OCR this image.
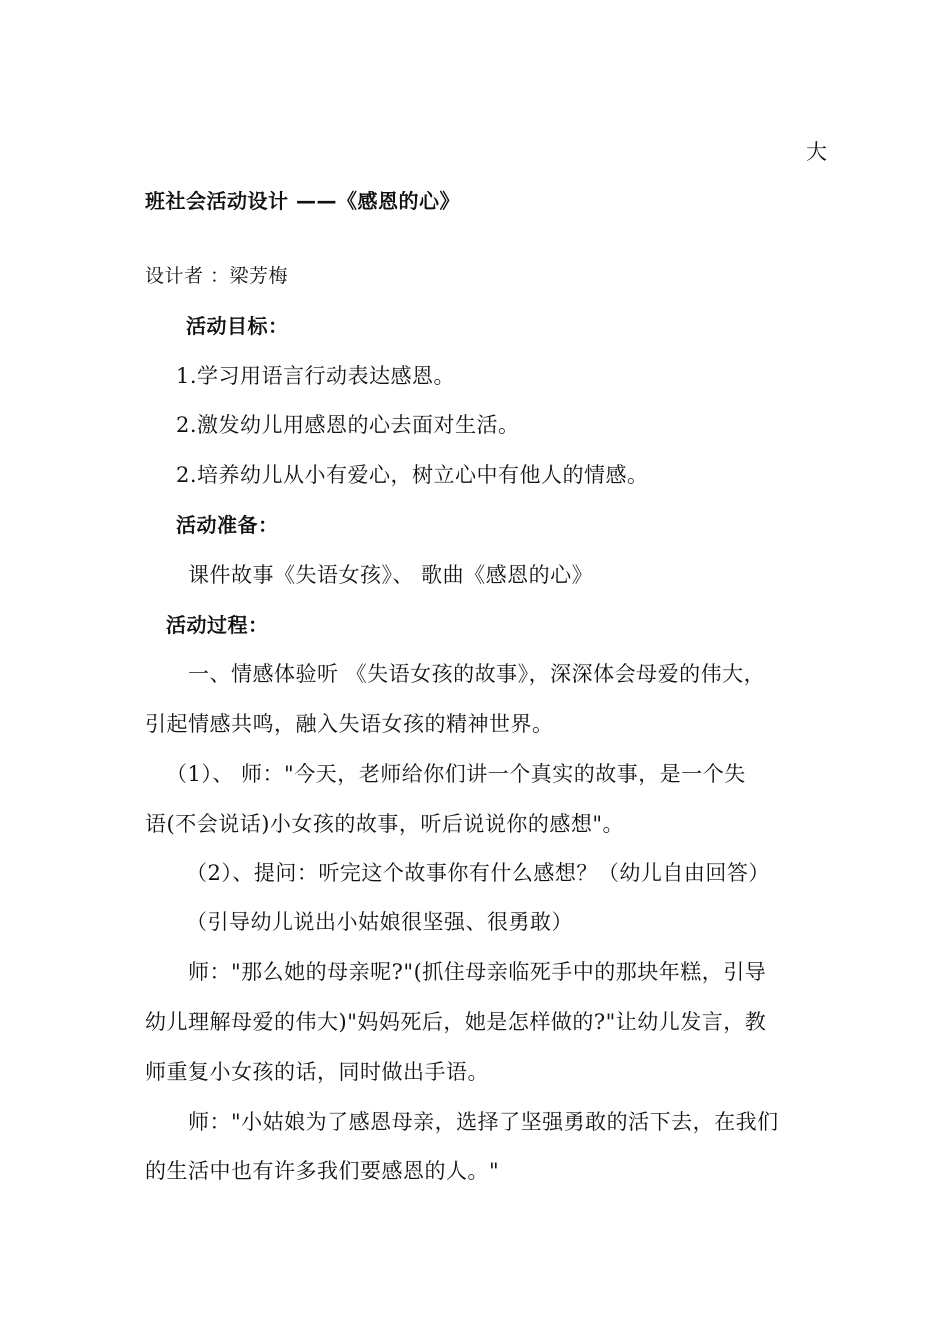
大
班社会活动设计 ——《感恩的心》
设计者 ：梁芳梅
活动目标：
1.学习用语言行动表达感恩。
2.激发幼儿用感恩的心去面对生活。
2.培养幼儿从小有爱心，树立心中有他人的情感。
活动准备：
课件故事《失语女孩》、 歌曲《感恩的心》
活动过程：
一、情感体验听 《失语女孩的故事》，深深体会母爱的伟大，
引起情感共鸣，融入失语女孩的精神世界。
（1）、 师："今天，老师给你们讲一个真实的故事，是一个失
语(不会说话)小女孩的故事，听后说说你的感想"。
（2）、提问：听完这个故事你有什么感想？（幼儿自由回答）
（引导幼儿说出小姑娘很坚强、很勇敢）
师："那么她的母亲呢?"(抓住母亲临死手中的那块年糕，引导
幼儿理解母爱的伟大)"妈妈死后，她是怎样做的?"让幼儿发言，教
师重复小女孩的话，同时做出手语。
师："小姑娘为了感恩母亲，选择了坚强勇敢的活下去，在我们
的生活中也有许多我们要感恩的人。"
